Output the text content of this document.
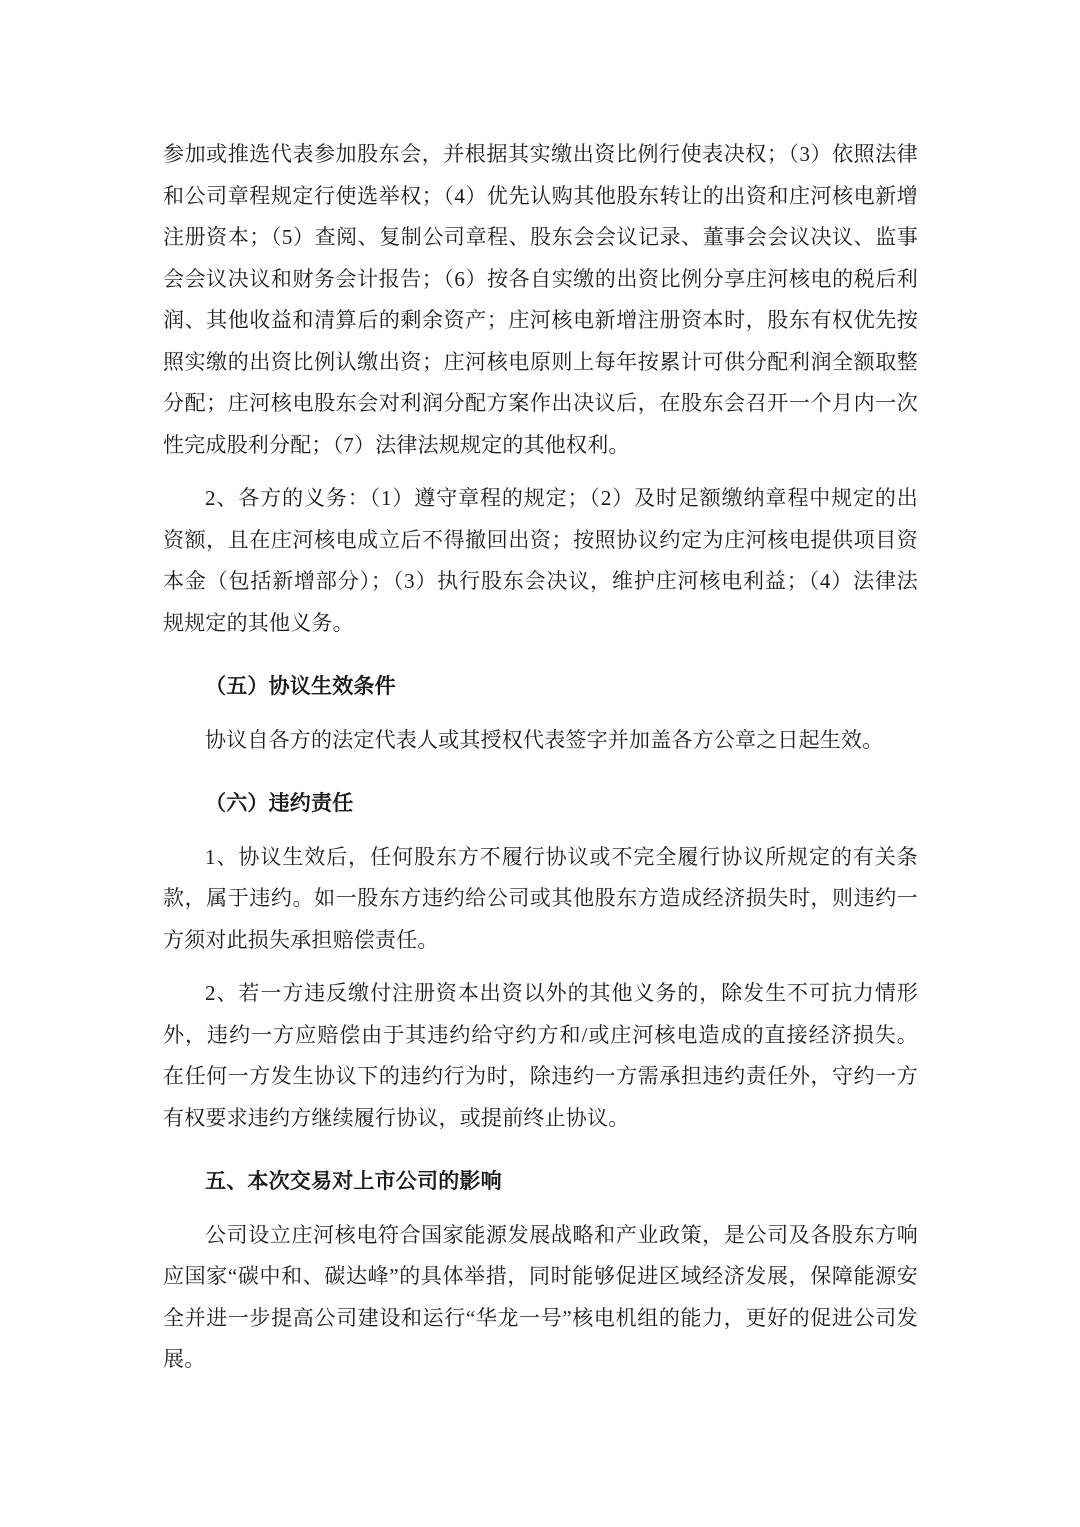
参加或推选代表参加股东会，并根据其实缴出资比例行使表决权；（3）依照法律
和公司章程规定行使选举权；（4）优先认购其他股东转让的出资和庄河核电新增
注册资本；（5）查阅、复制公司章程、股东会会议记录、董事会会议决议、监事
会会议决议和财务会计报告；（6）按各自实缴的出资比例分享庄河核电的税后利
润、其他收益和清算后的剩余资产；庄河核电新增注册资本时，股东有权优先按
照实缴的出资比例认缴出资；庄河核电原则上每年按累计可供分配利润全额取整
分配；庄河核电股东会对利润分配方案作出决议后，在股东会召开一个月内一次
性完成股利分配；（7）法律法规规定的其他权利。
2、各方的义务：（1）遵守章程的规定；（2）及时足额缴纳章程中规定的出
资额，且在庄河核电成立后不得撤回出资；按照协议约定为庄河核电提供项目资
本金（包括新增部分）；（3）执行股东会决议，维护庄河核电利益；（4）法律法
规规定的其他义务。
（五）协议生效条件
协议自各方的法定代表人或其授权代表签字并加盖各方公章之日起生效。
（六）违约责任
1、协议生效后，任何股东方不履行协议或不完全履行协议所规定的有关条
款，属于违约。如一股东方违约给公司或其他股东方造成经济损失时，则违约一
方须对此损失承担赔偿责任。
2、若一方违反缴付注册资本出资以外的其他义务的，除发生不可抗力情形
外，违约一方应赔偿由于其违约给守约方和/或庄河核电造成的直接经济损失。
在任何一方发生协议下的违约行为时，除违约一方需承担违约责任外，守约一方
有权要求违约方继续履行协议，或提前终止协议。
五、本次交易对上市公司的影响
公司设立庄河核电符合国家能源发展战略和产业政策，是公司及各股东方响
应国家“碳中和、碳达峰”的具体举措，同时能够促进区域经济发展，保障能源安
全并进一步提高公司建设和运行“华龙一号”核电机组的能力，更好的促进公司发
展。
